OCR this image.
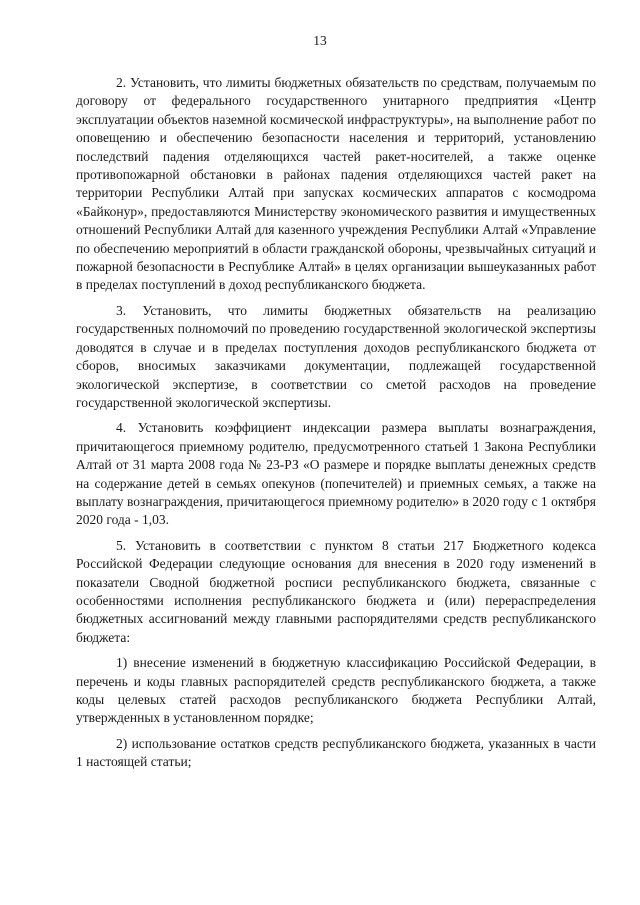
13

2. Установить, что лимиты бюджетных обязательств по средствам, получаемым по договору от федерального государственного унитарного предприятия «Центр эксплуатации объектов наземной космической инфраструктуры», на выполнение работ по оповещению и обеспечению безопасности населения и территорий, установлению последствий падения отделяющихся частей ракет-носителей, а также оценке противопожарной обстановки в районах падения отделяющихся частей ракет на территории Республики Алтай при запусках космических аппаратов с космодрома «Байконур», предоставляются Министерству экономического развития и имущественных отношений Республики Алтай для казенного учреждения Республики Алтай «Управление по обеспечению мероприятий в области гражданской обороны, чрезвычайных ситуаций и пожарной безопасности в Республике Алтай» в целях организации вышеуказанных работ в пределах поступлений в доход республиканского бюджета.

3. Установить, что лимиты бюджетных обязательств на реализацию государственных полномочий по проведению государственной экологической экспертизы доводятся в случае и в пределах поступления доходов республиканского бюджета от сборов, вносимых заказчиками документации, подлежащей государственной экологической экспертизе, в соответствии со сметой расходов на проведение государственной экологической экспертизы.

4. Установить коэффициент индексации размера выплаты вознаграждения, причитающегося приемному родителю, предусмотренного статьей 1 Закона Республики Алтай от 31 марта 2008 года № 23-РЗ «О размере и порядке выплаты денежных средств на содержание детей в семьях опекунов (попечителей) и приемных семьях, а также на выплату вознаграждения, причитающегося приемному родителю» в 2020 году с 1 октября 2020 года - 1,03.

5. Установить в соответствии с пунктом 8 статьи 217 Бюджетного кодекса Российской Федерации следующие основания для внесения в 2020 году изменений в показатели Сводной бюджетной росписи республиканского бюджета, связанные с особенностями исполнения республиканского бюджета и (или) перераспределения бюджетных ассигнований между главными распорядителями средств республиканского бюджета:

1) внесение изменений в бюджетную классификацию Российской Федерации, в перечень и коды главных распорядителей средств республиканского бюджета, а также коды целевых статей расходов республиканского бюджета Республики Алтай, утвержденных в установленном порядке;

2) использование остатков средств республиканского бюджета, указанных в части 1 настоящей статьи;
